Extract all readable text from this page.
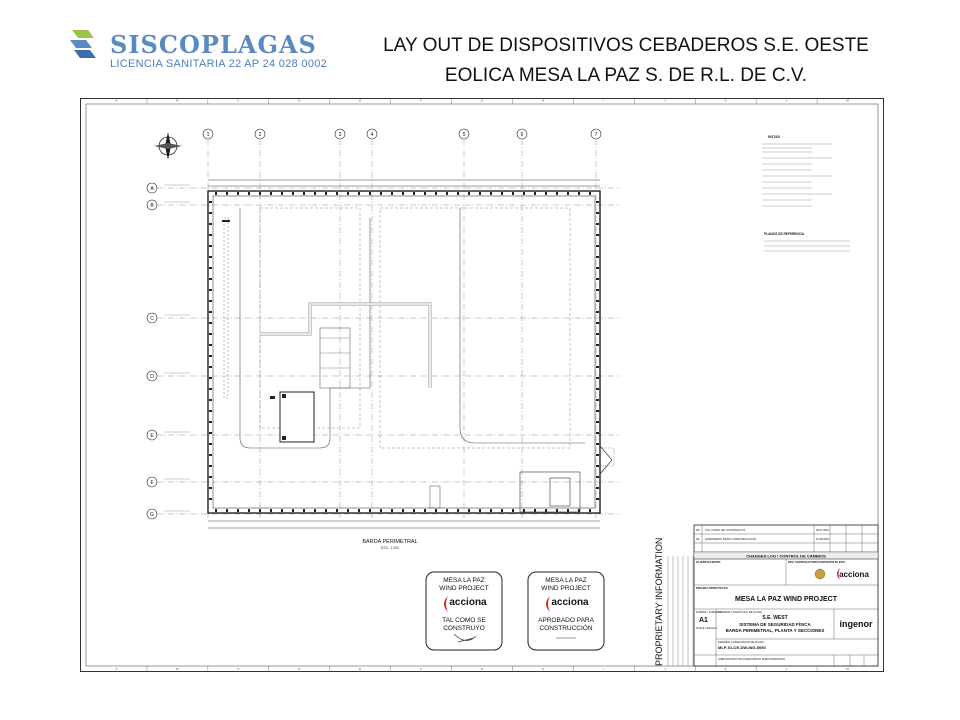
SISCOPLAGAS
LICENCIA SANITARIA 22 AP 24 028 0002
LAY OUT DE DISPOSITIVOS CEBADEROS S.E. OESTE
EOLICA MESA LA PAZ S. DE R.L. DE C.V.
A
A
B
B
C
C
D
D
E
E
F
F
G
G
H
H
I
I
J
J
K
K
L
L
M
M
1	2	3	4	5	6	7
A
B
C
D
E
F
G
BARDA PERIMETRAL
ESC. 1:200
NOTAS
PLANOS DE REFERENCIA
MESA LA PAZ
WIND PROJECT
acciona
TAL COMO SE
CONSTRUYO
MESA LA PAZ
WIND PROJECT
acciona
APROBADO PARA
CONSTRUCCIÓN	PROPRIETARY INFORMATION
03 TAL COMO SE CONSTRUYÓ	25.07.2019
02 APROBADO PARA CONSTRUCCIÓN	15.08.2018
CHANGES LOG / CONTROL DE CAMBIOS
CLIENT/CLIENTE	EPC CONTRACTOR/CONTRATISTA EPC
acciona
PROJECT/PROYECTO
MESA LA PAZ WIND PROJECT
FORMAT / FORMATO
A1
SCALE / ESCALA
DRAWING TITLE/TÍTULO DE PLANO
S.E. WEST
SISTEMA DE SEGURIDAD FÍSICA
BARDA PERIMETRAL, PLANTA Y SECCIONES
ingenor
DRAWING CODE/CÓDIGO DE PLANO
MLP-01-CE-DW-ING-5050
SUBCONTRACTOR CODE/CÓDIGO SUBCONTRATISTA
